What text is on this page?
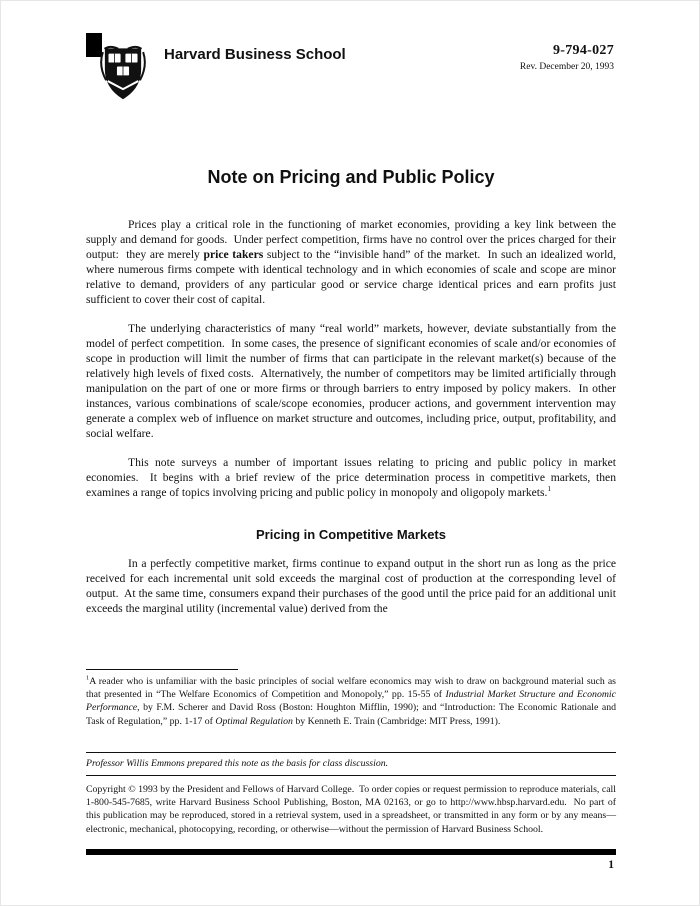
Harvard Business School	9-794-027
Rev. December 20, 1993
Note on Pricing and Public Policy

Prices play a critical role in the functioning of market economies, providing a key link between the supply and demand for goods.  Under perfect competition, firms have no control over the prices charged for their output:  they are merely price takers subject to the “invisible hand” of the market.  In such an idealized world, where numerous firms compete with identical technology and in which economies of scale and scope are minor relative to demand, providers of any particular good or service charge identical prices and earn profits just sufficient to cover their cost of capital.

The underlying characteristics of many “real world” markets, however, deviate substantially from the model of perfect competition.  In some cases, the presence of significant economies of scale and/or economies of scope in production will limit the number of firms that can participate in the relevant market(s) because of the relatively high levels of fixed costs.  Alternatively, the number of competitors may be limited artificially through manipulation on the part of one or more firms or through barriers to entry imposed by policy makers.  In other instances, various combinations of scale/scope economies, producer actions, and government intervention may generate a complex web of influence on market structure and outcomes, including price, output, profitability, and social welfare.

This note surveys a number of important issues relating to pricing and public policy in market economies.  It begins with a brief review of the price determination process in competitive markets, then examines a range of topics involving pricing and public policy in monopoly and oligopoly markets.$^1$

Pricing in Competitive Markets

In a perfectly competitive market, firms continue to expand output in the short run as long as the price received for each incremental unit sold exceeds the marginal cost of production at the corresponding level of output.  At the same time, consumers expand their purchases of the good until the price paid for an additional unit exceeds the marginal utility (incremental value) derived from the

$^1$A reader who is unfamiliar with the basic principles of social welfare economics may wish to draw on background material such as that presented in “The Welfare Economics of Competition and Monopoly,” pp. 15-55 of Industrial Market Structure and Economic Performance, by F.M. Scherer and David Ross (Boston: Houghton Mifflin, 1990); and “Introduction: The Economic Rationale and Task of Regulation,” pp. 1-17 of Optimal Regulation by Kenneth E. Train (Cambridge: MIT Press, 1991).

Professor Willis Emmons prepared this note as the basis for class discussion.

Copyright © 1993 by the President and Fellows of Harvard College.  To order copies or request permission to reproduce materials, call 1-800-545-7685, write Harvard Business School Publishing, Boston, MA 02163, or go to http://www.hbsp.harvard.edu.  No part of this publication may be reproduced, stored in a retrieval system, used in a spreadsheet, or transmitted in any form or by any means—electronic, mechanical, photocopying, recording, or otherwise—without the permission of Harvard Business School.

1
